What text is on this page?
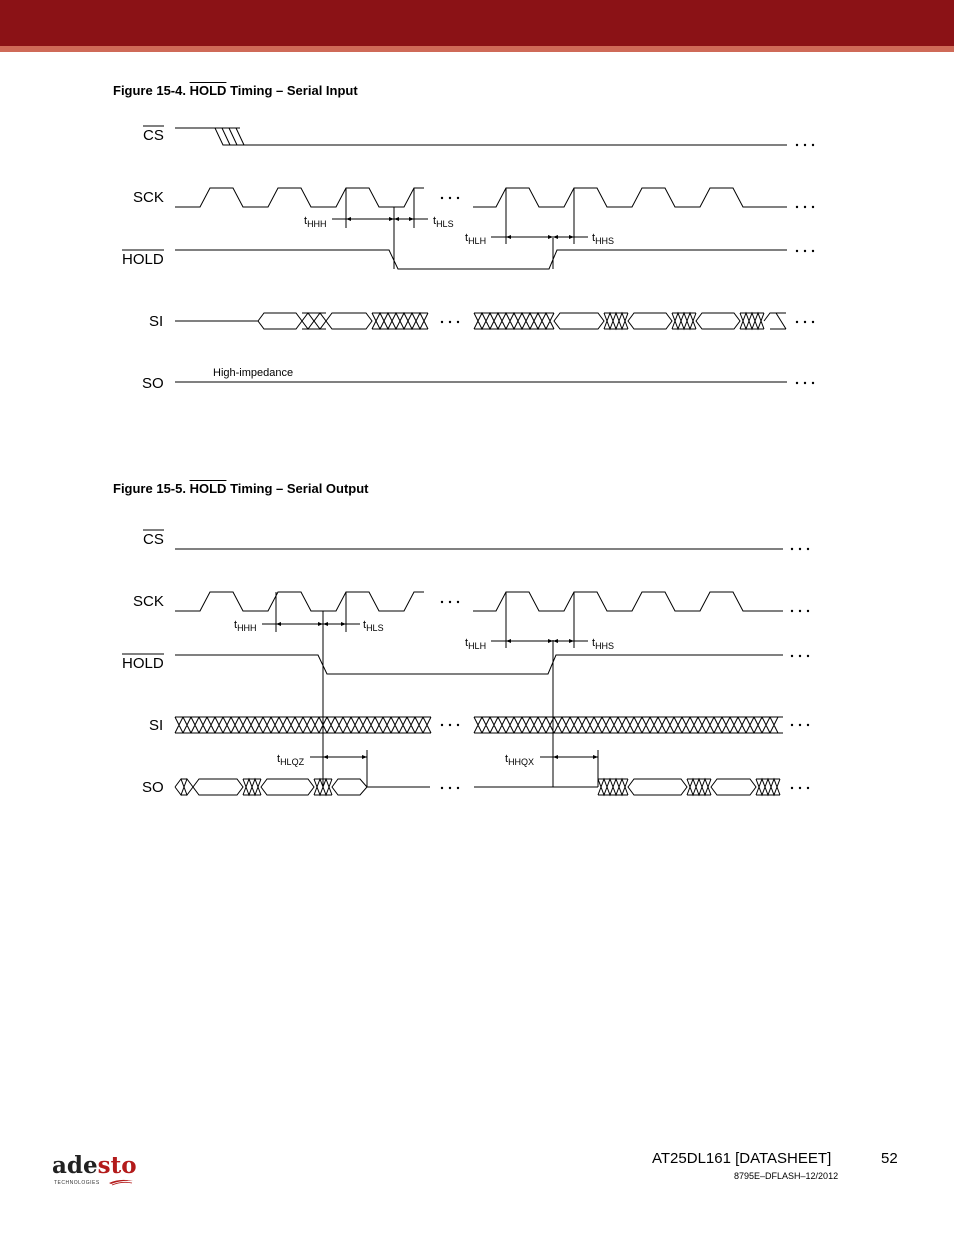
Figure 15-4. HOLD Timing – Serial Input
CS
SCK
HOLD
SI
SO
tHHH	tHLS
tHLH	tHHS
High-impedance
Figure 15-5. HOLD Timing – Serial Output
CS
SCK
HOLD
SI
SO
tHHH	tHLS
tHLH	tHHS
tHLQZ	tHHQX
adesto
TECHNOLOGIES
AT25DL161 [DATASHEET]	52
8795E–DFLASH–12/2012
